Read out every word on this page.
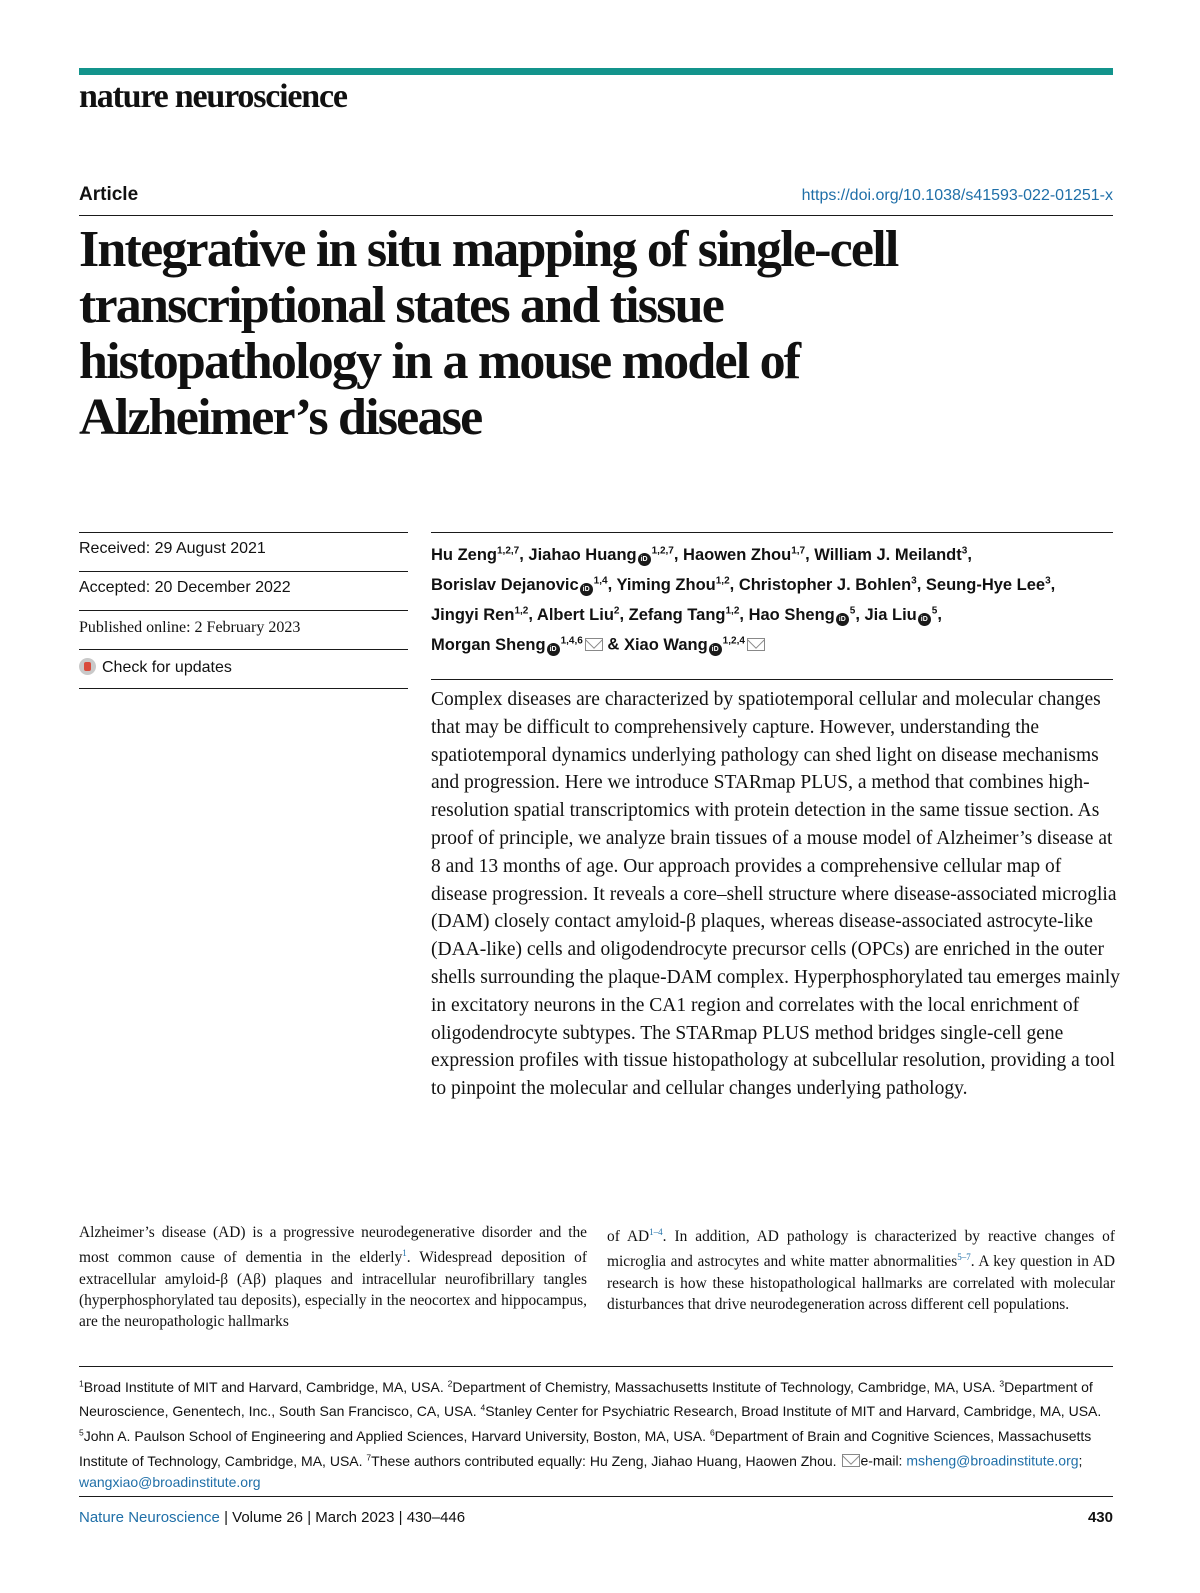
nature neuroscience
Article	https://doi.org/10.1038/s41593-022-01251-x
Integrative in situ mapping of single-cell
transcriptional states and tissue
histopathology in a mouse model of
Alzheimer’s disease
Received: 29 August 2021
Accepted: 20 December 2022
Published online: 2 February 2023
Check for updates
Hu Zeng$^{1,2,7}$, Jiahao Huang iD$^{1,2,7}$, Haowen Zhou$^{1,7}$, William J. Meilandt$^3$,
Borislav Dejanovic iD$^{1,4}$, Yiming Zhou$^{1,2}$, Christopher J. Bohlen$^3$, Seung-Hye Lee$^3$,
Jingyi Ren$^{1,2}$, Albert Liu$^2$, Zefang Tang$^{1,2}$, Hao Sheng $iD^5$, Jia Liu $iD^5$,
Morgan Sheng iD$^{1,4,6}$ & Xiao Wang iD$^{1,2,4}$
Complex diseases are characterized by spatiotemporal cellular and molecular changes that may be difficult to comprehensively capture. However, understanding the spatiotemporal dynamics underlying pathology can shed light on disease mechanisms and progression. Here we introduce STARmap PLUS, a method that combines high-resolution spatial transcriptomics with protein detection in the same tissue section. As proof of principle, we analyze brain tissues of a mouse model of Alzheimer’s disease at 8 and 13 months of age. Our approach provides a comprehensive cellular map of disease progression. It reveals a core–shell structure where disease-associated microglia (DAM) closely contact amyloid-β plaques, whereas disease-associated astrocyte-like (DAA-like) cells and oligodendrocyte precursor cells (OPCs) are enriched in the outer shells surrounding the plaque-DAM complex. Hyperphosphorylated tau emerges mainly in excitatory neurons in the CA1 region and correlates with the local enrichment of oligodendrocyte subtypes. The STARmap PLUS method bridges single-cell gene expression profiles with tissue histopathology at subcellular resolution, providing a tool to pinpoint the molecular and cellular changes underlying pathology.
Alzheimer’s disease (AD) is a progressive neurodegenerative disorder and the most common cause of dementia in the elderly$^1$. Widespread deposition of extracellular amyloid-β (Aβ) plaques and intracellular neurofibrillary tangles (hyperphosphorylated tau deposits), especially in the neocortex and hippocampus, are the neuropathologic hallmarks
of AD$^{1-4}$. In addition, AD pathology is characterized by reactive changes of microglia and astrocytes and white matter abnormalities$^{5-7}$. A key question in AD research is how these histopathological hallmarks are correlated with molecular disturbances that drive neurodegeneration across different cell populations.
$^1$Broad Institute of MIT and Harvard, Cambridge, MA, USA. $^2$Department of Chemistry, Massachusetts Institute of Technology, Cambridge, MA, USA. $^3$Department of Neuroscience, Genentech, Inc., South San Francisco, CA, USA. $^4$Stanley Center for Psychiatric Research, Broad Institute of MIT and Harvard, Cambridge, MA, USA. $^5$John A. Paulson School of Engineering and Applied Sciences, Harvard University, Boston, MA, USA. $^6$Department of Brain and Cognitive Sciences, Massachusetts Institute of Technology, Cambridge, MA, USA. $^7$These authors contributed equally: Hu Zeng, Jiahao Huang, Haowen Zhou. e-mail: msheng@broadinstitute.org; wangxiao@broadinstitute.org
Nature Neuroscience | Volume 26 | March 2023 | 430–446	430
